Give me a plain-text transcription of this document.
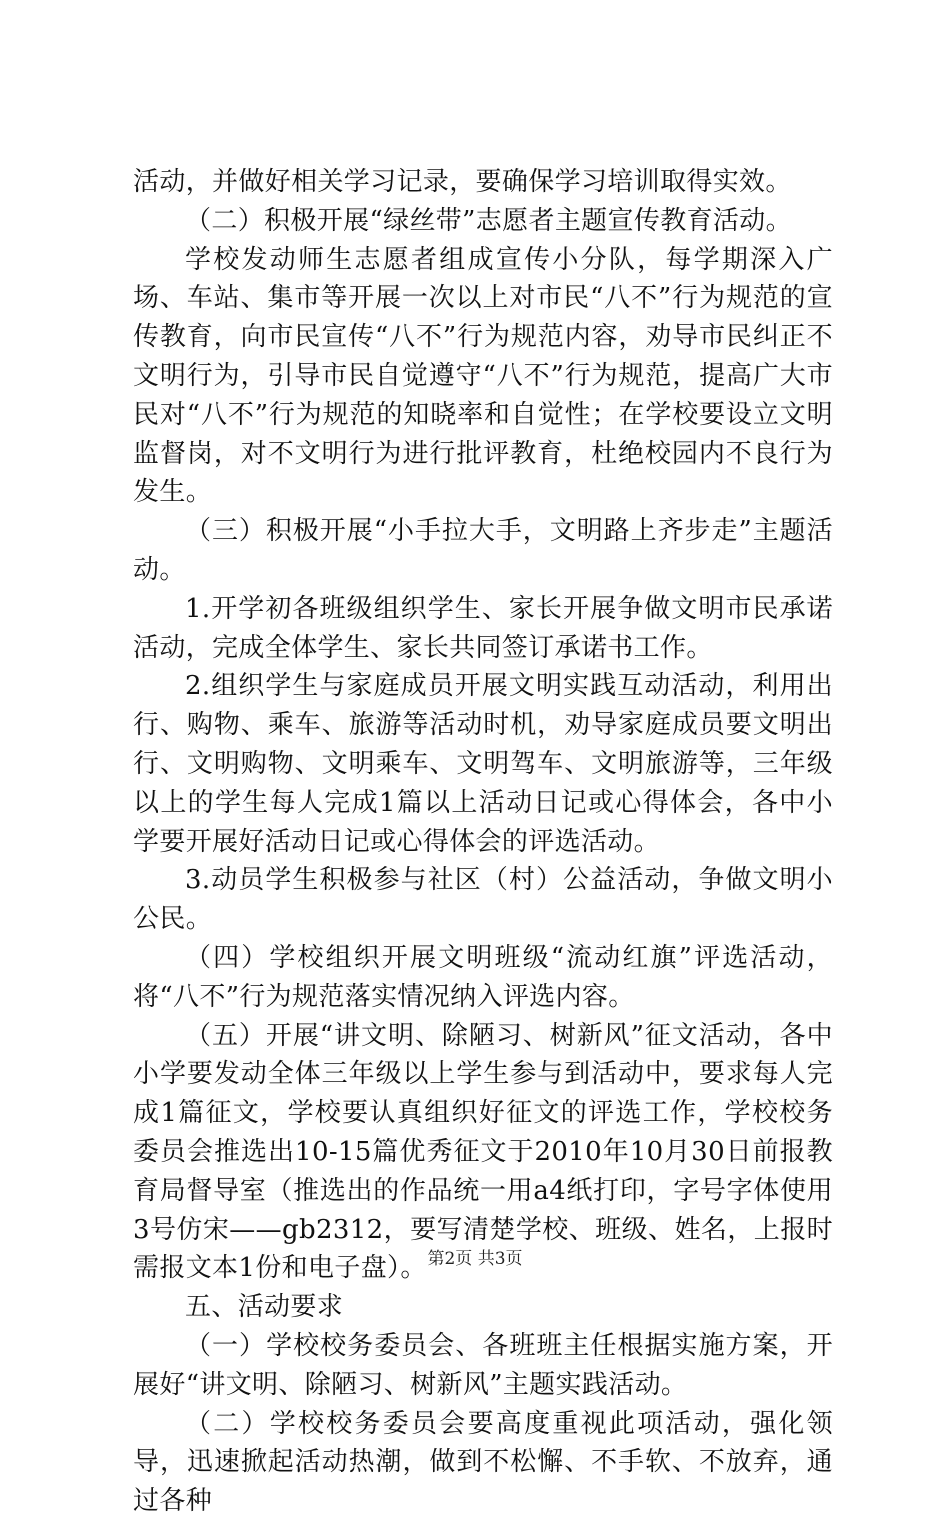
活动，并做好相关学习记录，要确保学习培训取得实效。

（二）积极开展“绿丝带”志愿者主题宣传教育活动。

学校发动师生志愿者组成宣传小分队，每学期深入广场、车站、集市等开展一次以上对市民“八不”行为规范的宣传教育，向市民宣传“八不”行为规范内容，劝导市民纠正不文明行为，引导市民自觉遵守“八不”行为规范，提高广大市民对“八不”行为规范的知晓率和自觉性；在学校要设立文明监督岗，对不文明行为进行批评教育，杜绝校园内不良行为发生。

（三）积极开展“小手拉大手，文明路上齐步走”主题活动。

1.开学初各班级组织学生、家长开展争做文明市民承诺活动，完成全体学生、家长共同签订承诺书工作。

2.组织学生与家庭成员开展文明实践互动活动，利用出行、购物、乘车、旅游等活动时机，劝导家庭成员要文明出行、文明购物、文明乘车、文明驾车、文明旅游等，三年级以上的学生每人完成1篇以上活动日记或心得体会，各中小学要开展好活动日记或心得体会的评选活动。

3.动员学生积极参与社区（村）公益活动，争做文明小公民。

（四）学校组织开展文明班级“流动红旗”评选活动，将“八不”行为规范落实情况纳入评选内容。

（五）开展“讲文明、除陋习、树新风”征文活动，各中小学要发动全体三年级以上学生参与到活动中，要求每人完成1篇征文，学校要认真组织好征文的评选工作，学校校务委员会推选出10-15篇优秀征文于2010年10月30日前报教育局督导室（推选出的作品统一用a4纸打印，字号字体使用3号仿宋——gb2312，要写清楚学校、班级、姓名，上报时需报文本1份和电子盘）。

五、活动要求

（一）学校校务委员会、各班班主任根据实施方案，开展好“讲文明、除陋习、树新风”主题实践活动。

（二）学校校务委员会要高度重视此项活动，强化领导，迅速掀起活动热潮，做到不松懈、不手软、不放弃，通过各种

第2页 共3页
